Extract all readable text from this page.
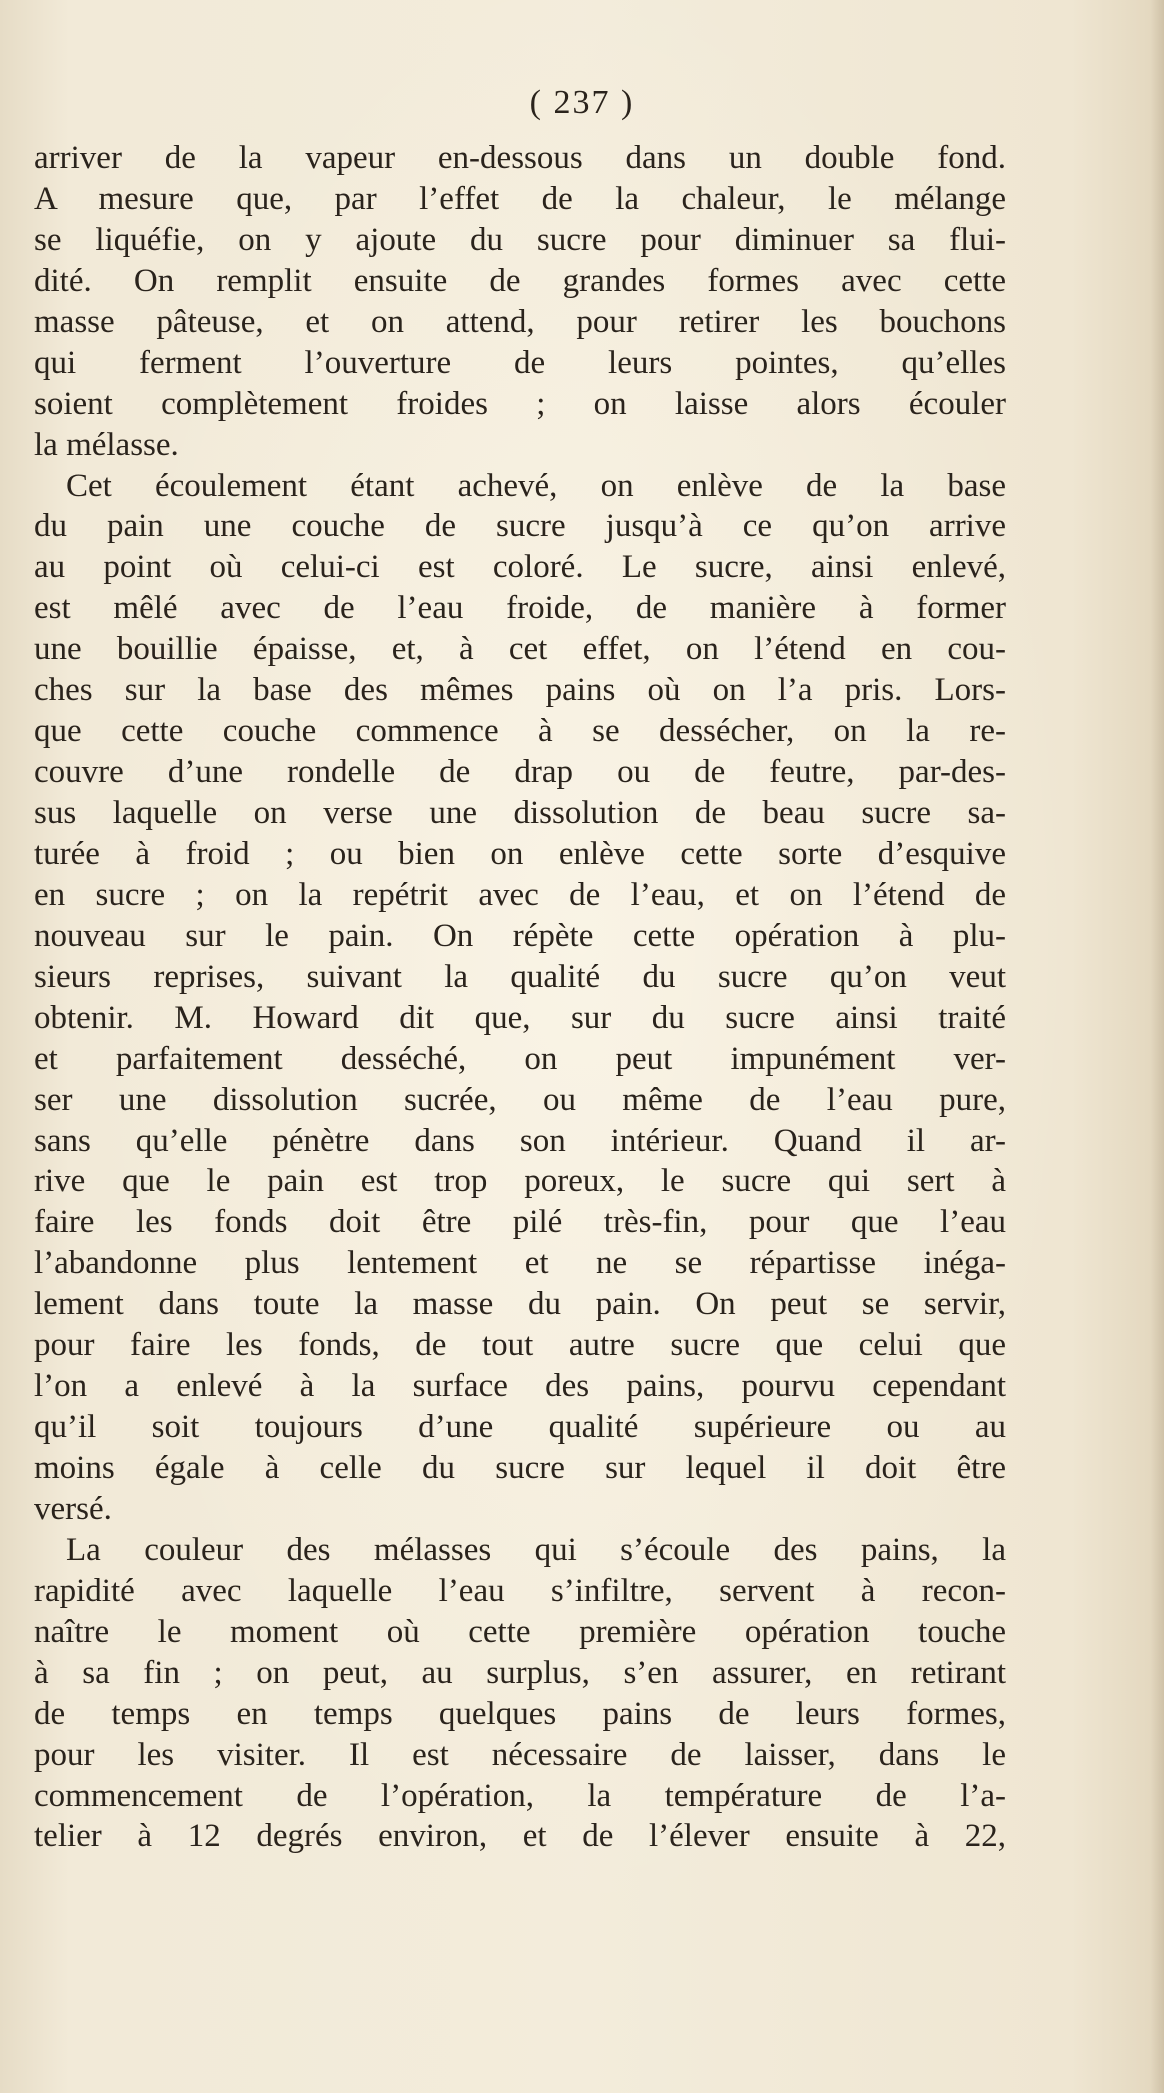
( 237 )
arriver de la vapeur en-dessous dans un double fond.
A mesure que, par l’effet de la chaleur, le mélange
se liquéfie, on y ajoute du sucre pour diminuer sa flui-
dité. On remplit ensuite de grandes formes avec cette
masse pâteuse, et on attend, pour retirer les bouchons
qui ferment l’ouverture de leurs pointes, qu’elles
soient complètement froides ; on laisse alors écouler
la mélasse.
Cet écoulement étant achevé, on enlève de la base
du pain une couche de sucre jusqu’à ce qu’on arrive
au point où celui-ci est coloré. Le sucre, ainsi enlevé,
est mêlé avec de l’eau froide, de manière à former
une bouillie épaisse, et, à cet effet, on l’étend en cou-
ches sur la base des mêmes pains où on l’a pris. Lors-
que cette couche commence à se dessécher, on la re-
couvre d’une rondelle de drap ou de feutre, par-des-
sus laquelle on verse une dissolution de beau sucre sa-
turée à froid ; ou bien on enlève cette sorte d’esquive
en sucre ; on la repétrit avec de l’eau, et on l’étend de
nouveau sur le pain. On répète cette opération à plu-
sieurs reprises, suivant la qualité du sucre qu’on veut
obtenir. M. Howard dit que, sur du sucre ainsi traité
et parfaitement desséché, on peut impunément ver-
ser une dissolution sucrée, ou même de l’eau pure,
sans qu’elle pénètre dans son intérieur. Quand il ar-
rive que le pain est trop poreux, le sucre qui sert à
faire les fonds doit être pilé très-fin, pour que l’eau
l’abandonne plus lentement et ne se répartisse inéga-
lement dans toute la masse du pain. On peut se servir,
pour faire les fonds, de tout autre sucre que celui que
l’on a enlevé à la surface des pains, pourvu cependant
qu’il soit toujours d’une qualité supérieure ou au
moins égale à celle du sucre sur lequel il doit être
versé.
La couleur des mélasses qui s’écoule des pains, la
rapidité avec laquelle l’eau s’infiltre, servent à recon-
naître le moment où cette première opération touche
à sa fin ; on peut, au surplus, s’en assurer, en retirant
de temps en temps quelques pains de leurs formes,
pour les visiter. Il est nécessaire de laisser, dans le
commencement de l’opération, la température de l’a-
telier à 12 degrés environ, et de l’élever ensuite à 22,
